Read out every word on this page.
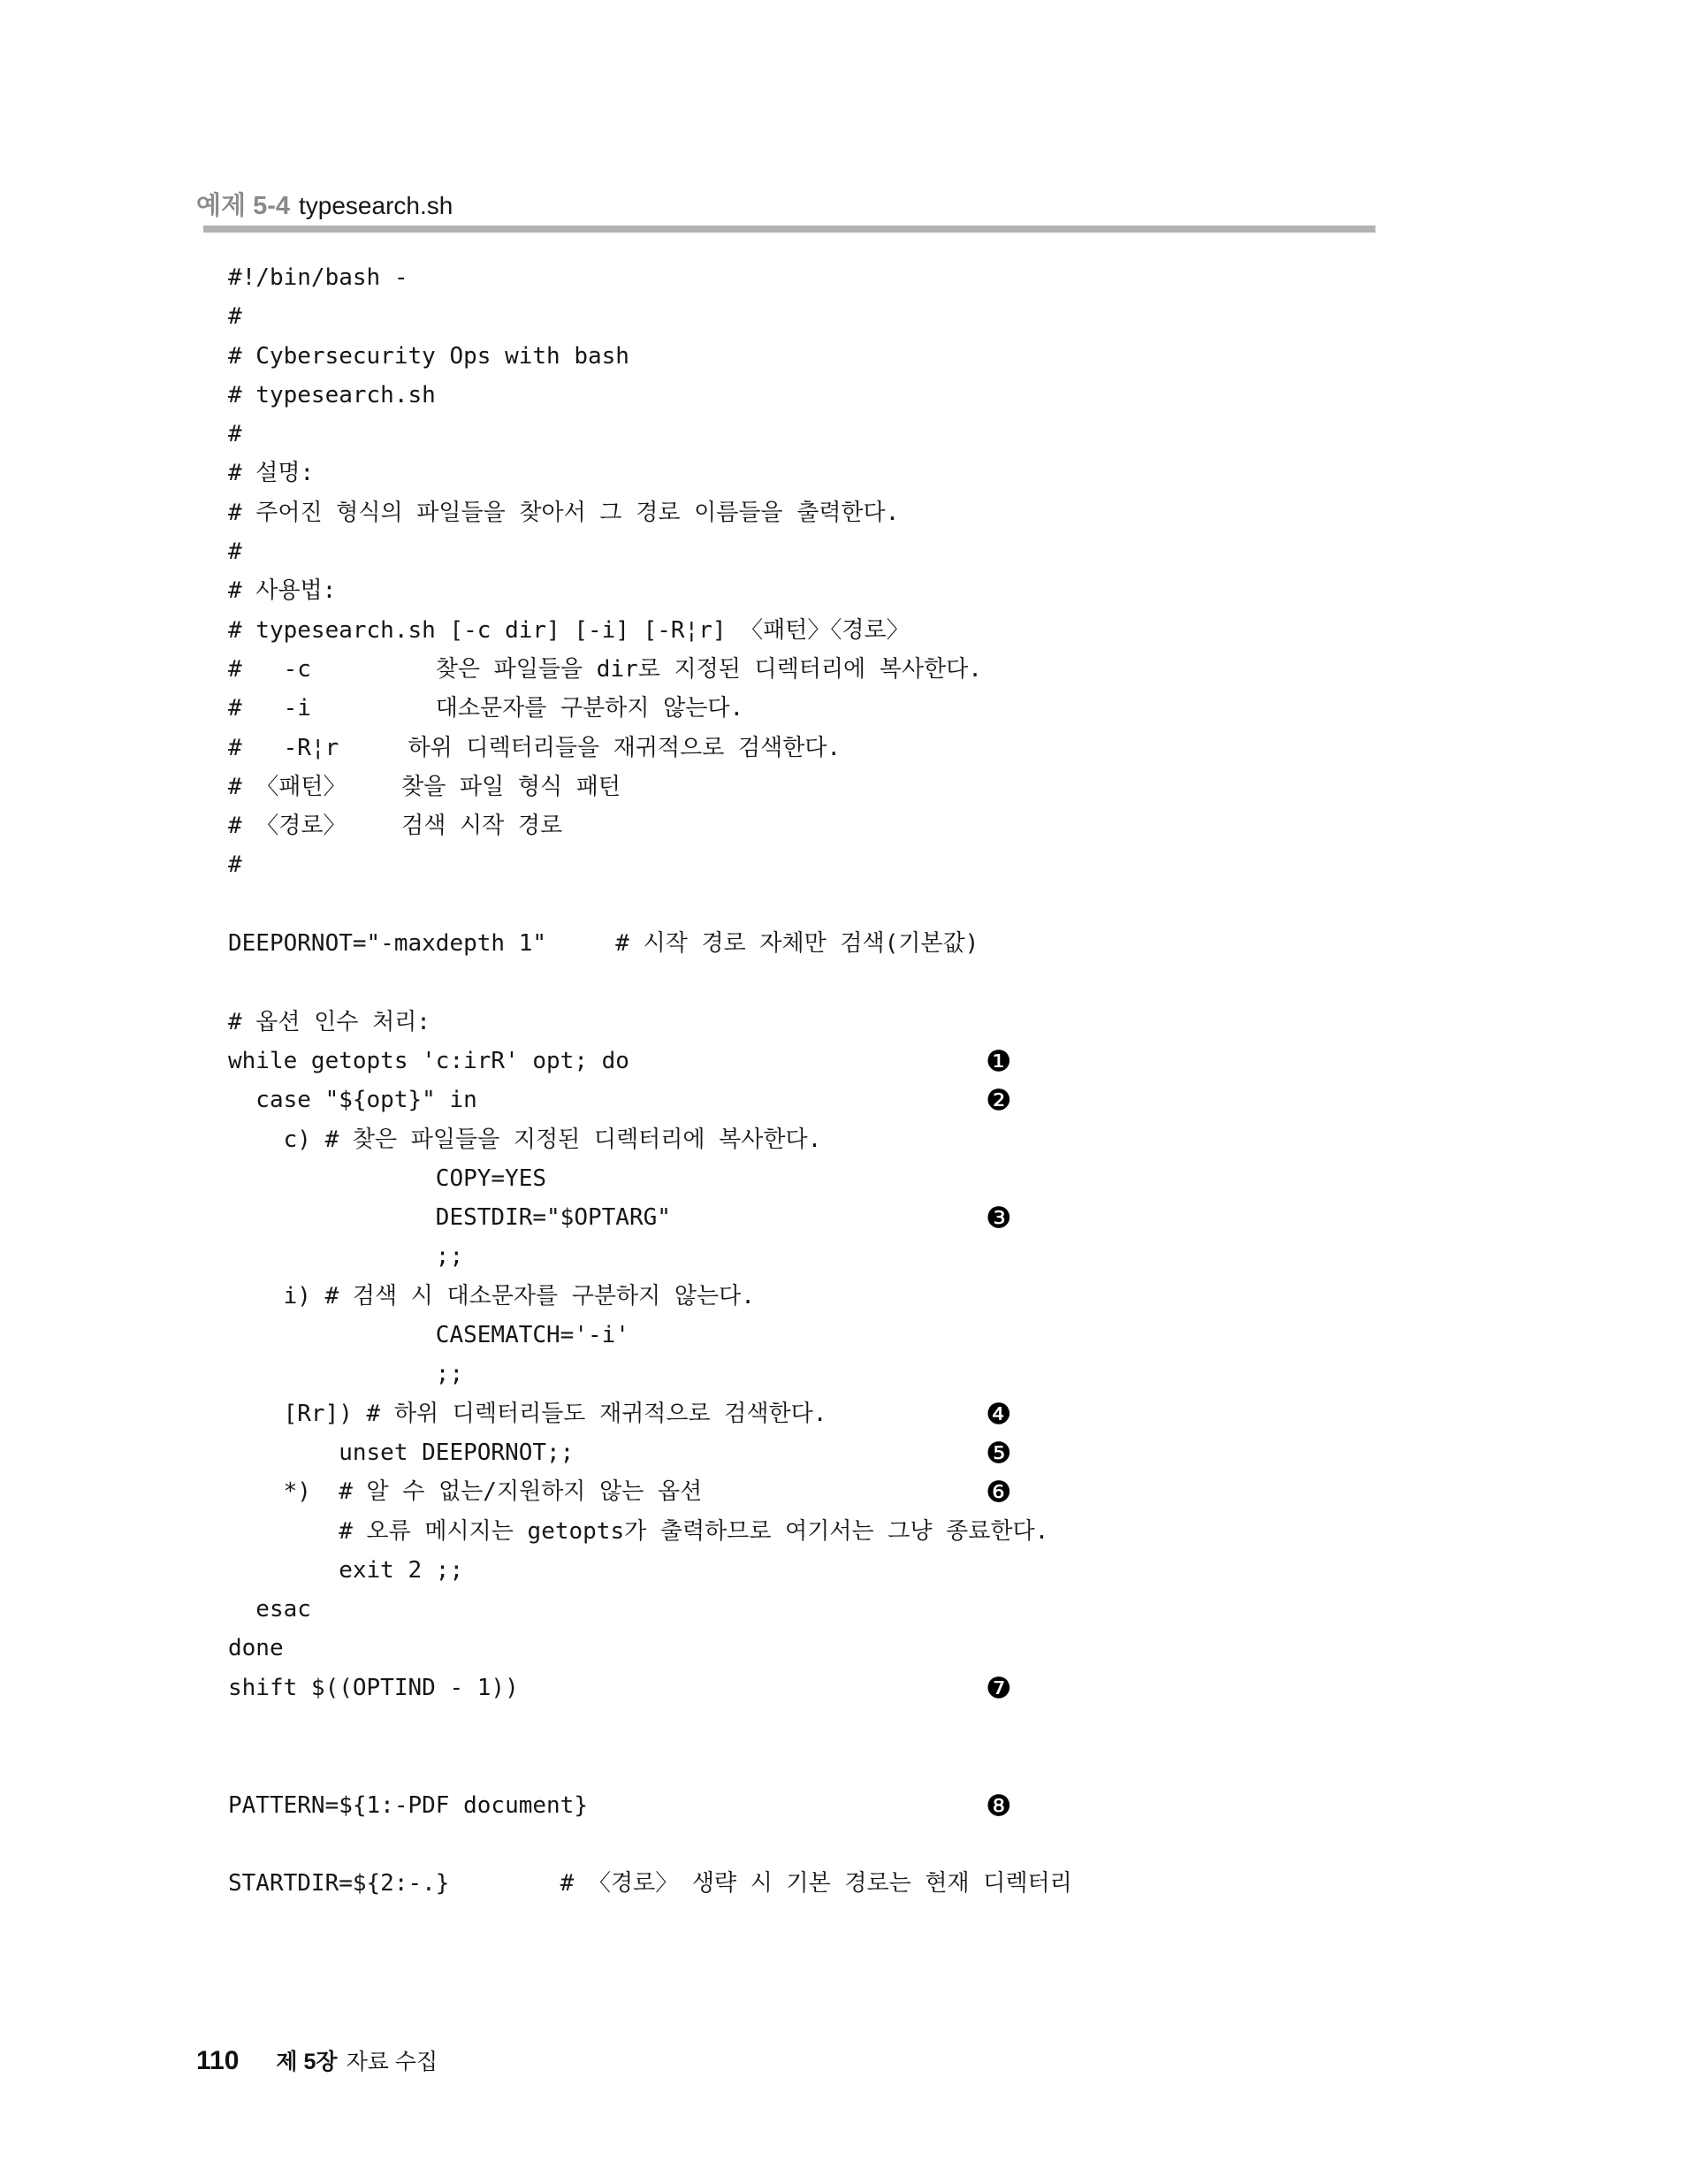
예제 5-4 typesearch.sh
#!/bin/bash -
#
# Cybersecurity Ops with bash
# typesearch.sh
#
# 설명:
# 주어진 형식의 파일들을 찾아서 그 경로 이름들을 출력한다.
#
# 사용법:
# typesearch.sh [-c dir] [-i] [-R¦r] 〈패턴〉〈경로〉
#   -c         찾은 파일들을 dir로 지정된 디렉터리에 복사한다.
#   -i         대소문자를 구분하지 않는다.
#   -R¦r     하위 디렉터리들을 재귀적으로 검색한다.
# 〈패턴〉    찾을 파일 형식 패턴
# 〈경로〉    검색 시작 경로
#
DEEPORNOT="-maxdepth 1"     # 시작 경로 자체만 검색(기본값)
# 옵션 인수 처리:
while getopts 'c:irR' opt; do	❶
case "${opt}" in	❷
c) # 찾은 파일들을 지정된 디렉터리에 복사한다.
COPY=YES
DESTDIR="$OPTARG"	❸
;;
i) # 검색 시 대소문자를 구분하지 않는다.
CASEMATCH='-i'
;;
[Rr]) # 하위 디렉터리들도 재귀적으로 검색한다.	❹
unset DEEPORNOT;;	❺
*)  # 알 수 없는/지원하지 않는 옵션	❻
# 오류 메시지는 getopts가 출력하므로 여기서는 그냥 종료한다.
exit 2 ;;
esac
done
shift $((OPTIND - 1))	❼
PATTERN=${1:-PDF document}	❽
STARTDIR=${2:-.}        # 〈경로〉 생략 시 기본 경로는 현재 디렉터리
110 제 5장 자료 수집
